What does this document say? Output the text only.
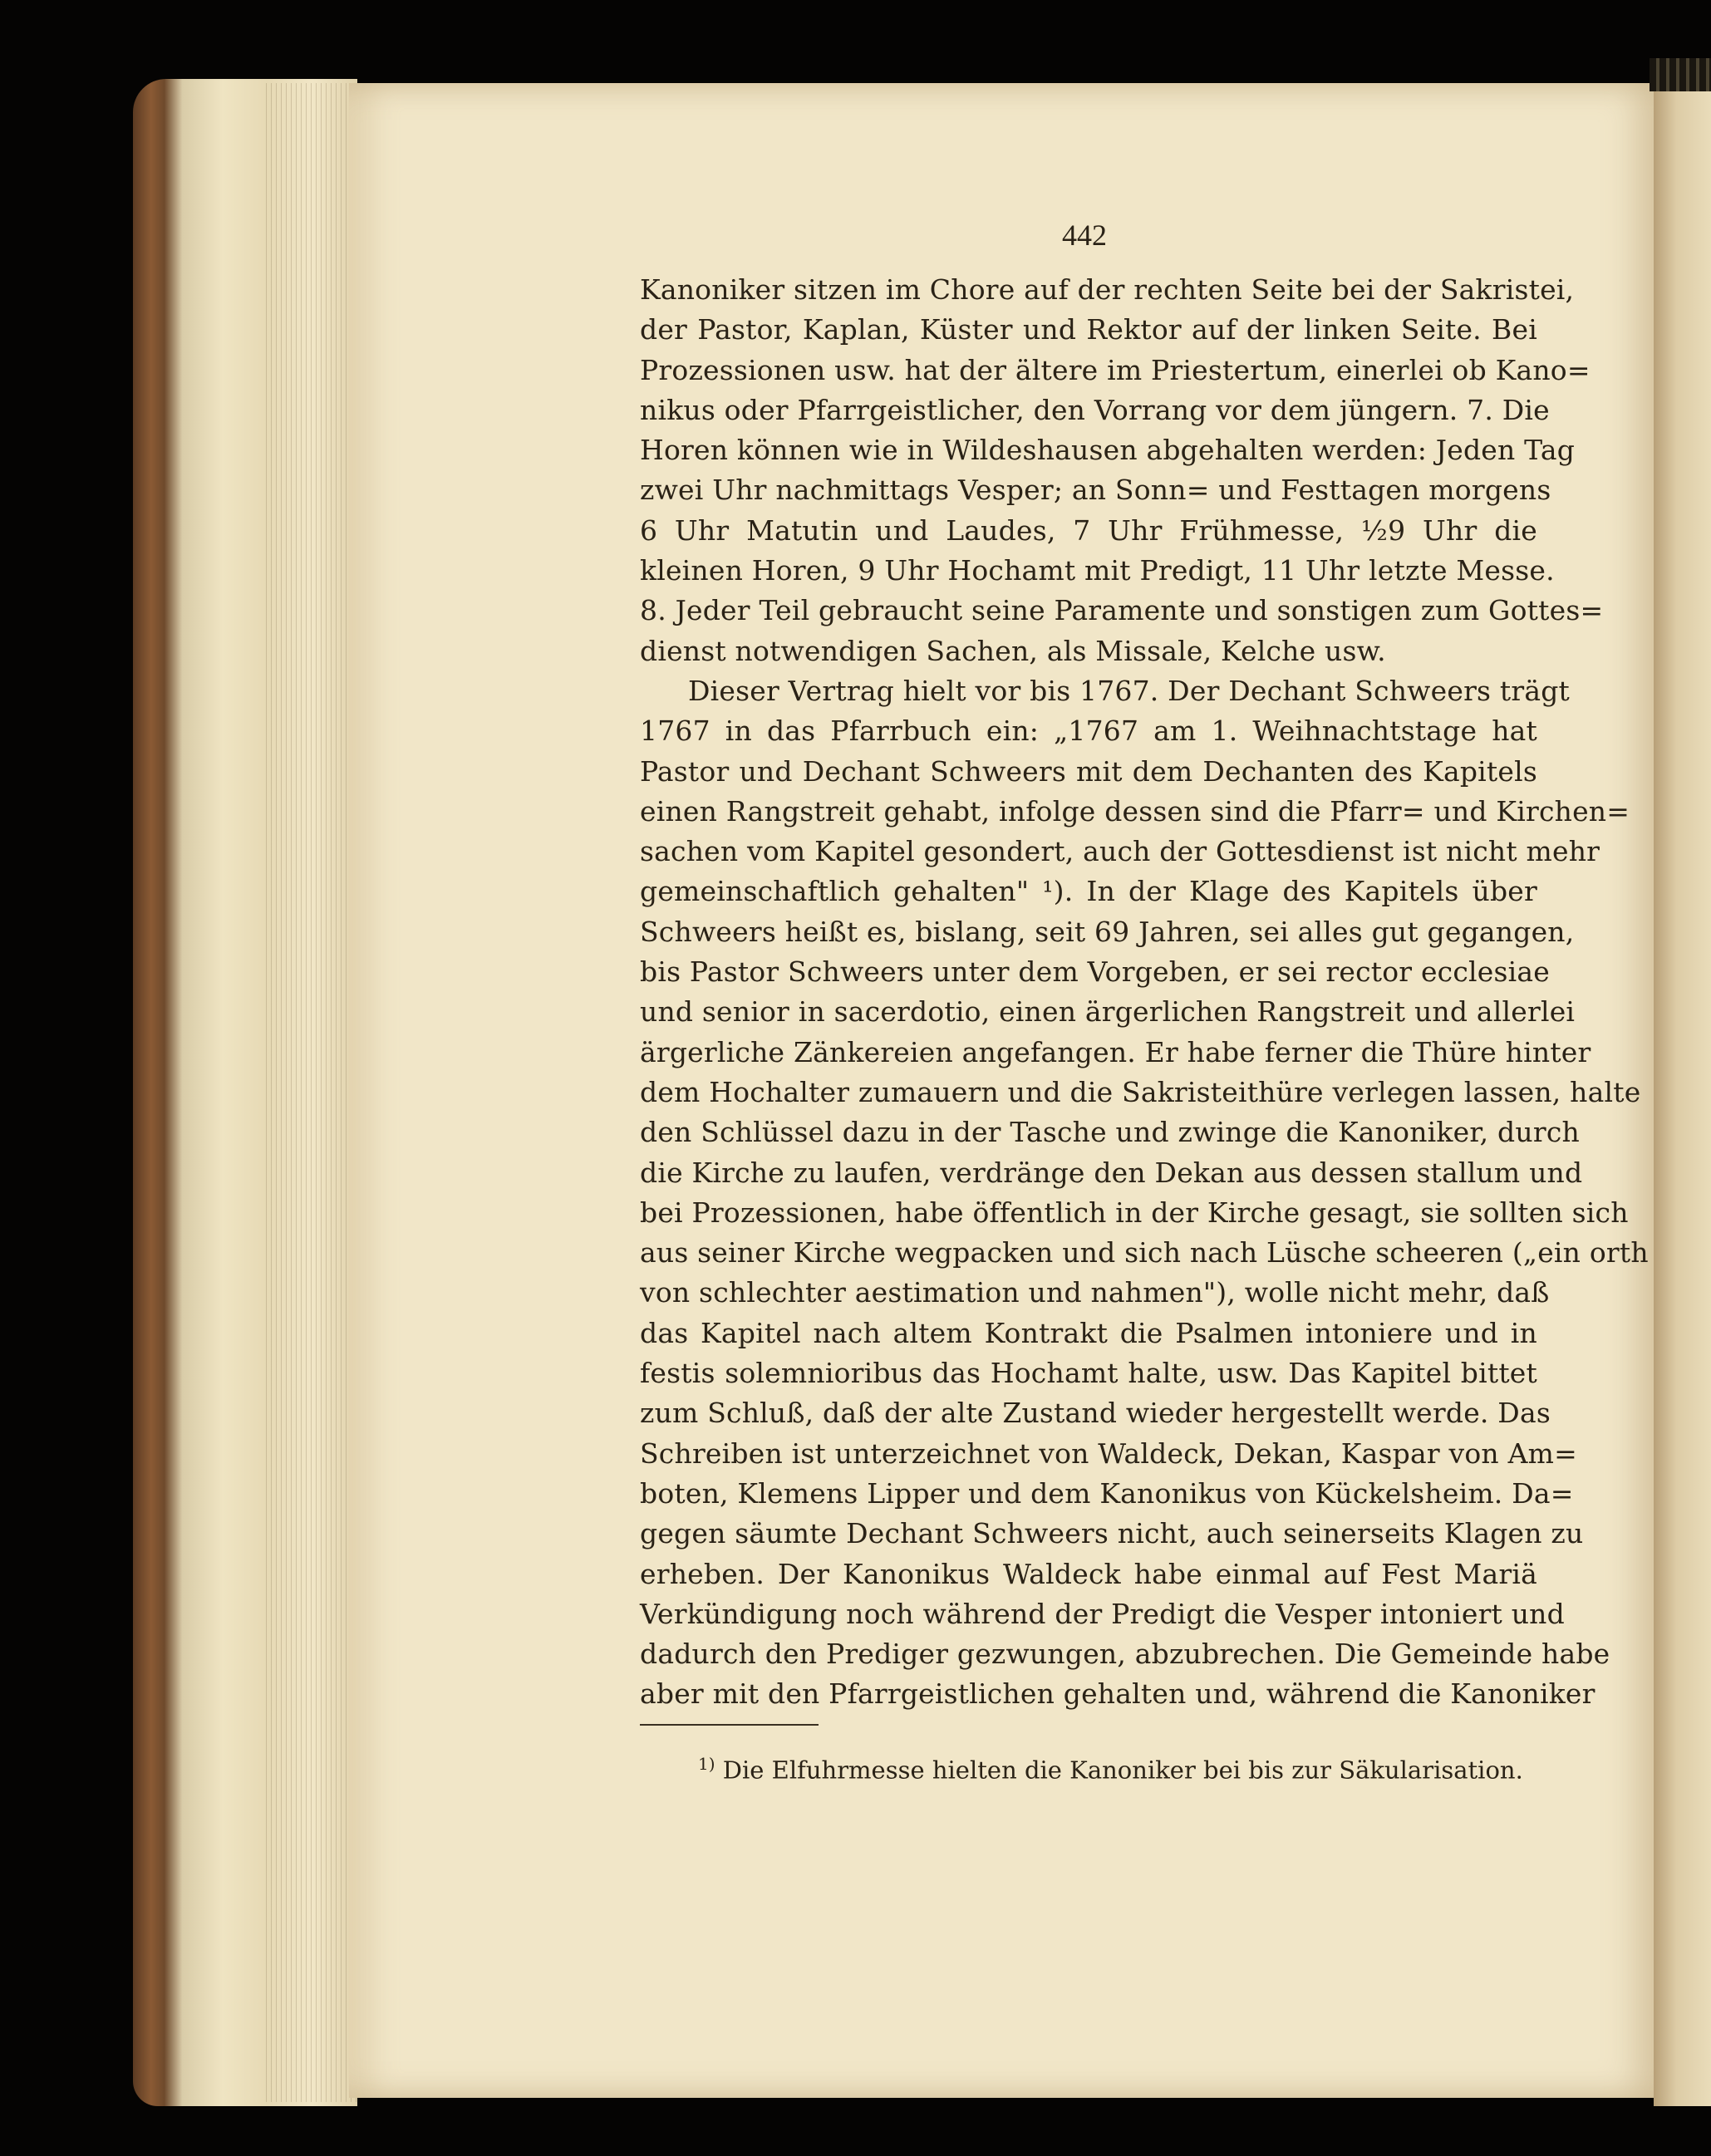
442
Kanoniker sitzen im Chore auf der rechten Seite bei der Sakristei,
der Pastor, Kaplan, Küster und Rektor auf der linken Seite. Bei
Prozessionen usw. hat der ältere im Priestertum, einerlei ob Kano=
nikus oder Pfarrgeistlicher, den Vorrang vor dem jüngern. 7. Die
Horen können wie in Wildeshausen abgehalten werden: Jeden Tag
zwei Uhr nachmittags Vesper; an Sonn= und Festtagen morgens
6 Uhr Matutin und Laudes, 7 Uhr Frühmesse, ½9 Uhr die
kleinen Horen, 9 Uhr Hochamt mit Predigt, 11 Uhr letzte Messe.
8. Jeder Teil gebraucht seine Paramente und sonstigen zum Gottes=
dienst notwendigen Sachen, als Missale, Kelche usw.
Dieser Vertrag hielt vor bis 1767. Der Dechant Schweers trägt
1767 in das Pfarrbuch ein: „1767 am 1. Weihnachtstage hat
Pastor und Dechant Schweers mit dem Dechanten des Kapitels
einen Rangstreit gehabt, infolge dessen sind die Pfarr= und Kirchen=
sachen vom Kapitel gesondert, auch der Gottesdienst ist nicht mehr
gemeinschaftlich gehalten" ¹). In der Klage des Kapitels über
Schweers heißt es, bislang, seit 69 Jahren, sei alles gut gegangen,
bis Pastor Schweers unter dem Vorgeben, er sei rector ecclesiae
und senior in sacerdotio, einen ärgerlichen Rangstreit und allerlei
ärgerliche Zänkereien angefangen. Er habe ferner die Thüre hinter
dem Hochalter zumauern und die Sakristeithüre verlegen lassen, halte
den Schlüssel dazu in der Tasche und zwinge die Kanoniker, durch
die Kirche zu laufen, verdränge den Dekan aus dessen stallum und
bei Prozessionen, habe öffentlich in der Kirche gesagt, sie sollten sich
aus seiner Kirche wegpacken und sich nach Lüsche scheeren („ein orth
von schlechter aestimation und nahmen"), wolle nicht mehr, daß
das Kapitel nach altem Kontrakt die Psalmen intoniere und in
festis solemnioribus das Hochamt halte, usw. Das Kapitel bittet
zum Schluß, daß der alte Zustand wieder hergestellt werde. Das
Schreiben ist unterzeichnet von Waldeck, Dekan, Kaspar von Am=
boten, Klemens Lipper und dem Kanonikus von Kückelsheim. Da=
gegen säumte Dechant Schweers nicht, auch seinerseits Klagen zu
erheben. Der Kanonikus Waldeck habe einmal auf Fest Mariä
Verkündigung noch während der Predigt die Vesper intoniert und
dadurch den Prediger gezwungen, abzubrechen. Die Gemeinde habe
aber mit den Pfarrgeistlichen gehalten und, während die Kanoniker
$^{1)}$ Die Elfuhrmesse hielten die Kanoniker bei bis zur Säkularisation.
